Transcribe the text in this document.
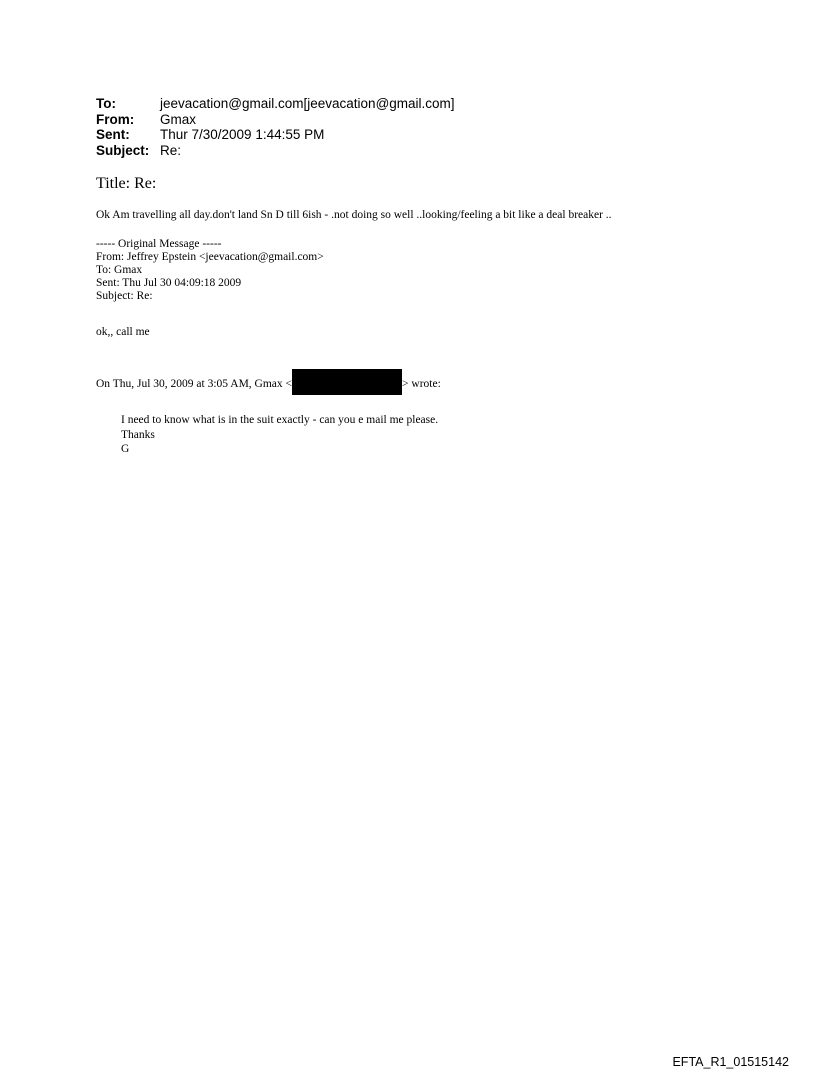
To:	jeevacation@gmail.com[jeevacation@gmail.com]
From:	Gmax
Sent:	Thur 7/30/2009 1:44:55 PM
Subject: Re:
Title: Re:
Ok Am travelling all day.don't land Sn D till 6ish - .not doing so well ..looking/feeling a bit like a deal breaker ..
----- Original Message -----
From: Jeffrey Epstein <jeevacation@gmail.com>
To: Gmax
Sent: Thu Jul 30 04:09:18 2009
Subject: Re:
ok,, call me
On Thu, Jul 30, 2009 at 3:05 AM, Gmax <	> wrote:
I need to know what is in the suit exactly - can you e mail me please.
Thanks
G
EFTA_R1_01515142
